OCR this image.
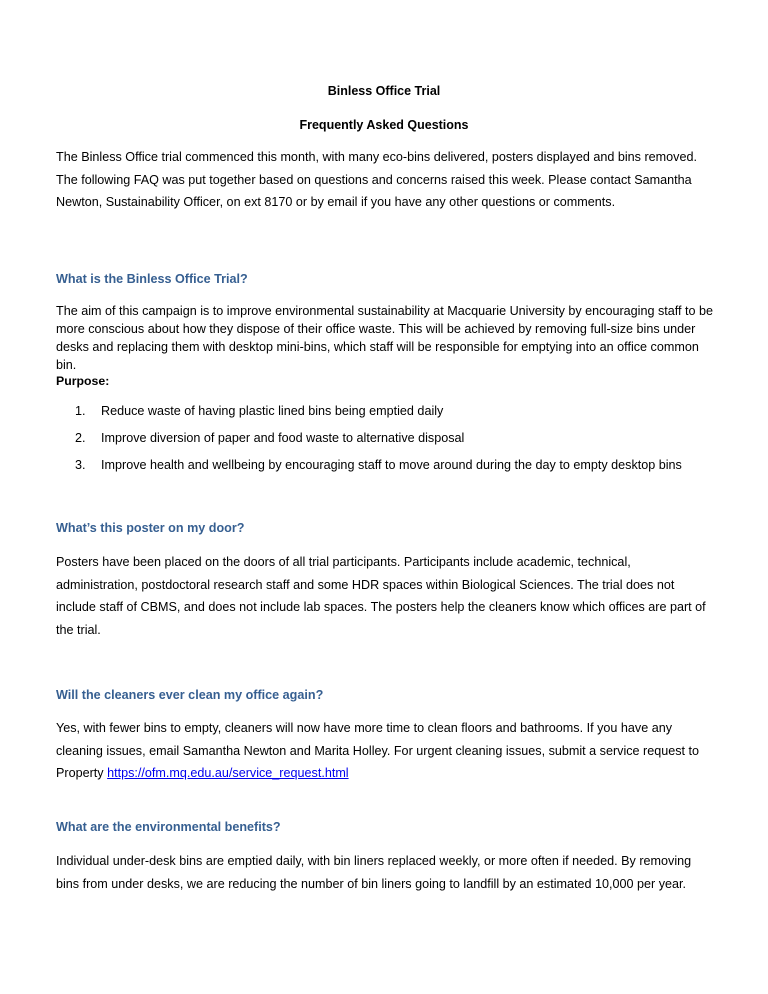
Binless Office Trial
Frequently Asked Questions

The Binless Office trial commenced this month, with many eco-bins delivered, posters displayed and bins removed. The following FAQ was put together based on questions and concerns raised this week. Please contact Samantha Newton, Sustainability Officer, on ext 8170 or by email if you have any other questions or comments.

What is the Binless Office Trial?

The aim of this campaign is to improve environmental sustainability at Macquarie University by encouraging staff to be more conscious about how they dispose of their office waste. This will be achieved by removing full-size bins under desks and replacing them with desktop mini-bins, which staff will be responsible for emptying into an office common bin.

Purpose:
1. Reduce waste of having plastic lined bins being emptied daily
2. Improve diversion of paper and food waste to alternative disposal
3. Improve health and wellbeing by encouraging staff to move around during the day to empty desktop bins

What’s this poster on my door?

Posters have been placed on the doors of all trial participants. Participants include academic, technical, administration, postdoctoral research staff and some HDR spaces within Biological Sciences. The trial does not include staff of CBMS, and does not include lab spaces. The posters help the cleaners know which offices are part of the trial.

Will the cleaners ever clean my office again?

Yes, with fewer bins to empty, cleaners will now have more time to clean floors and bathrooms. If you have any cleaning issues, email Samantha Newton and Marita Holley. For urgent cleaning issues, submit a service request to Property https://ofm.mq.edu.au/service_request.html

What are the environmental benefits?

Individual under-desk bins are emptied daily, with bin liners replaced weekly, or more often if needed. By removing bins from under desks, we are reducing the number of bin liners going to landfill by an estimated 10,000 per year.
